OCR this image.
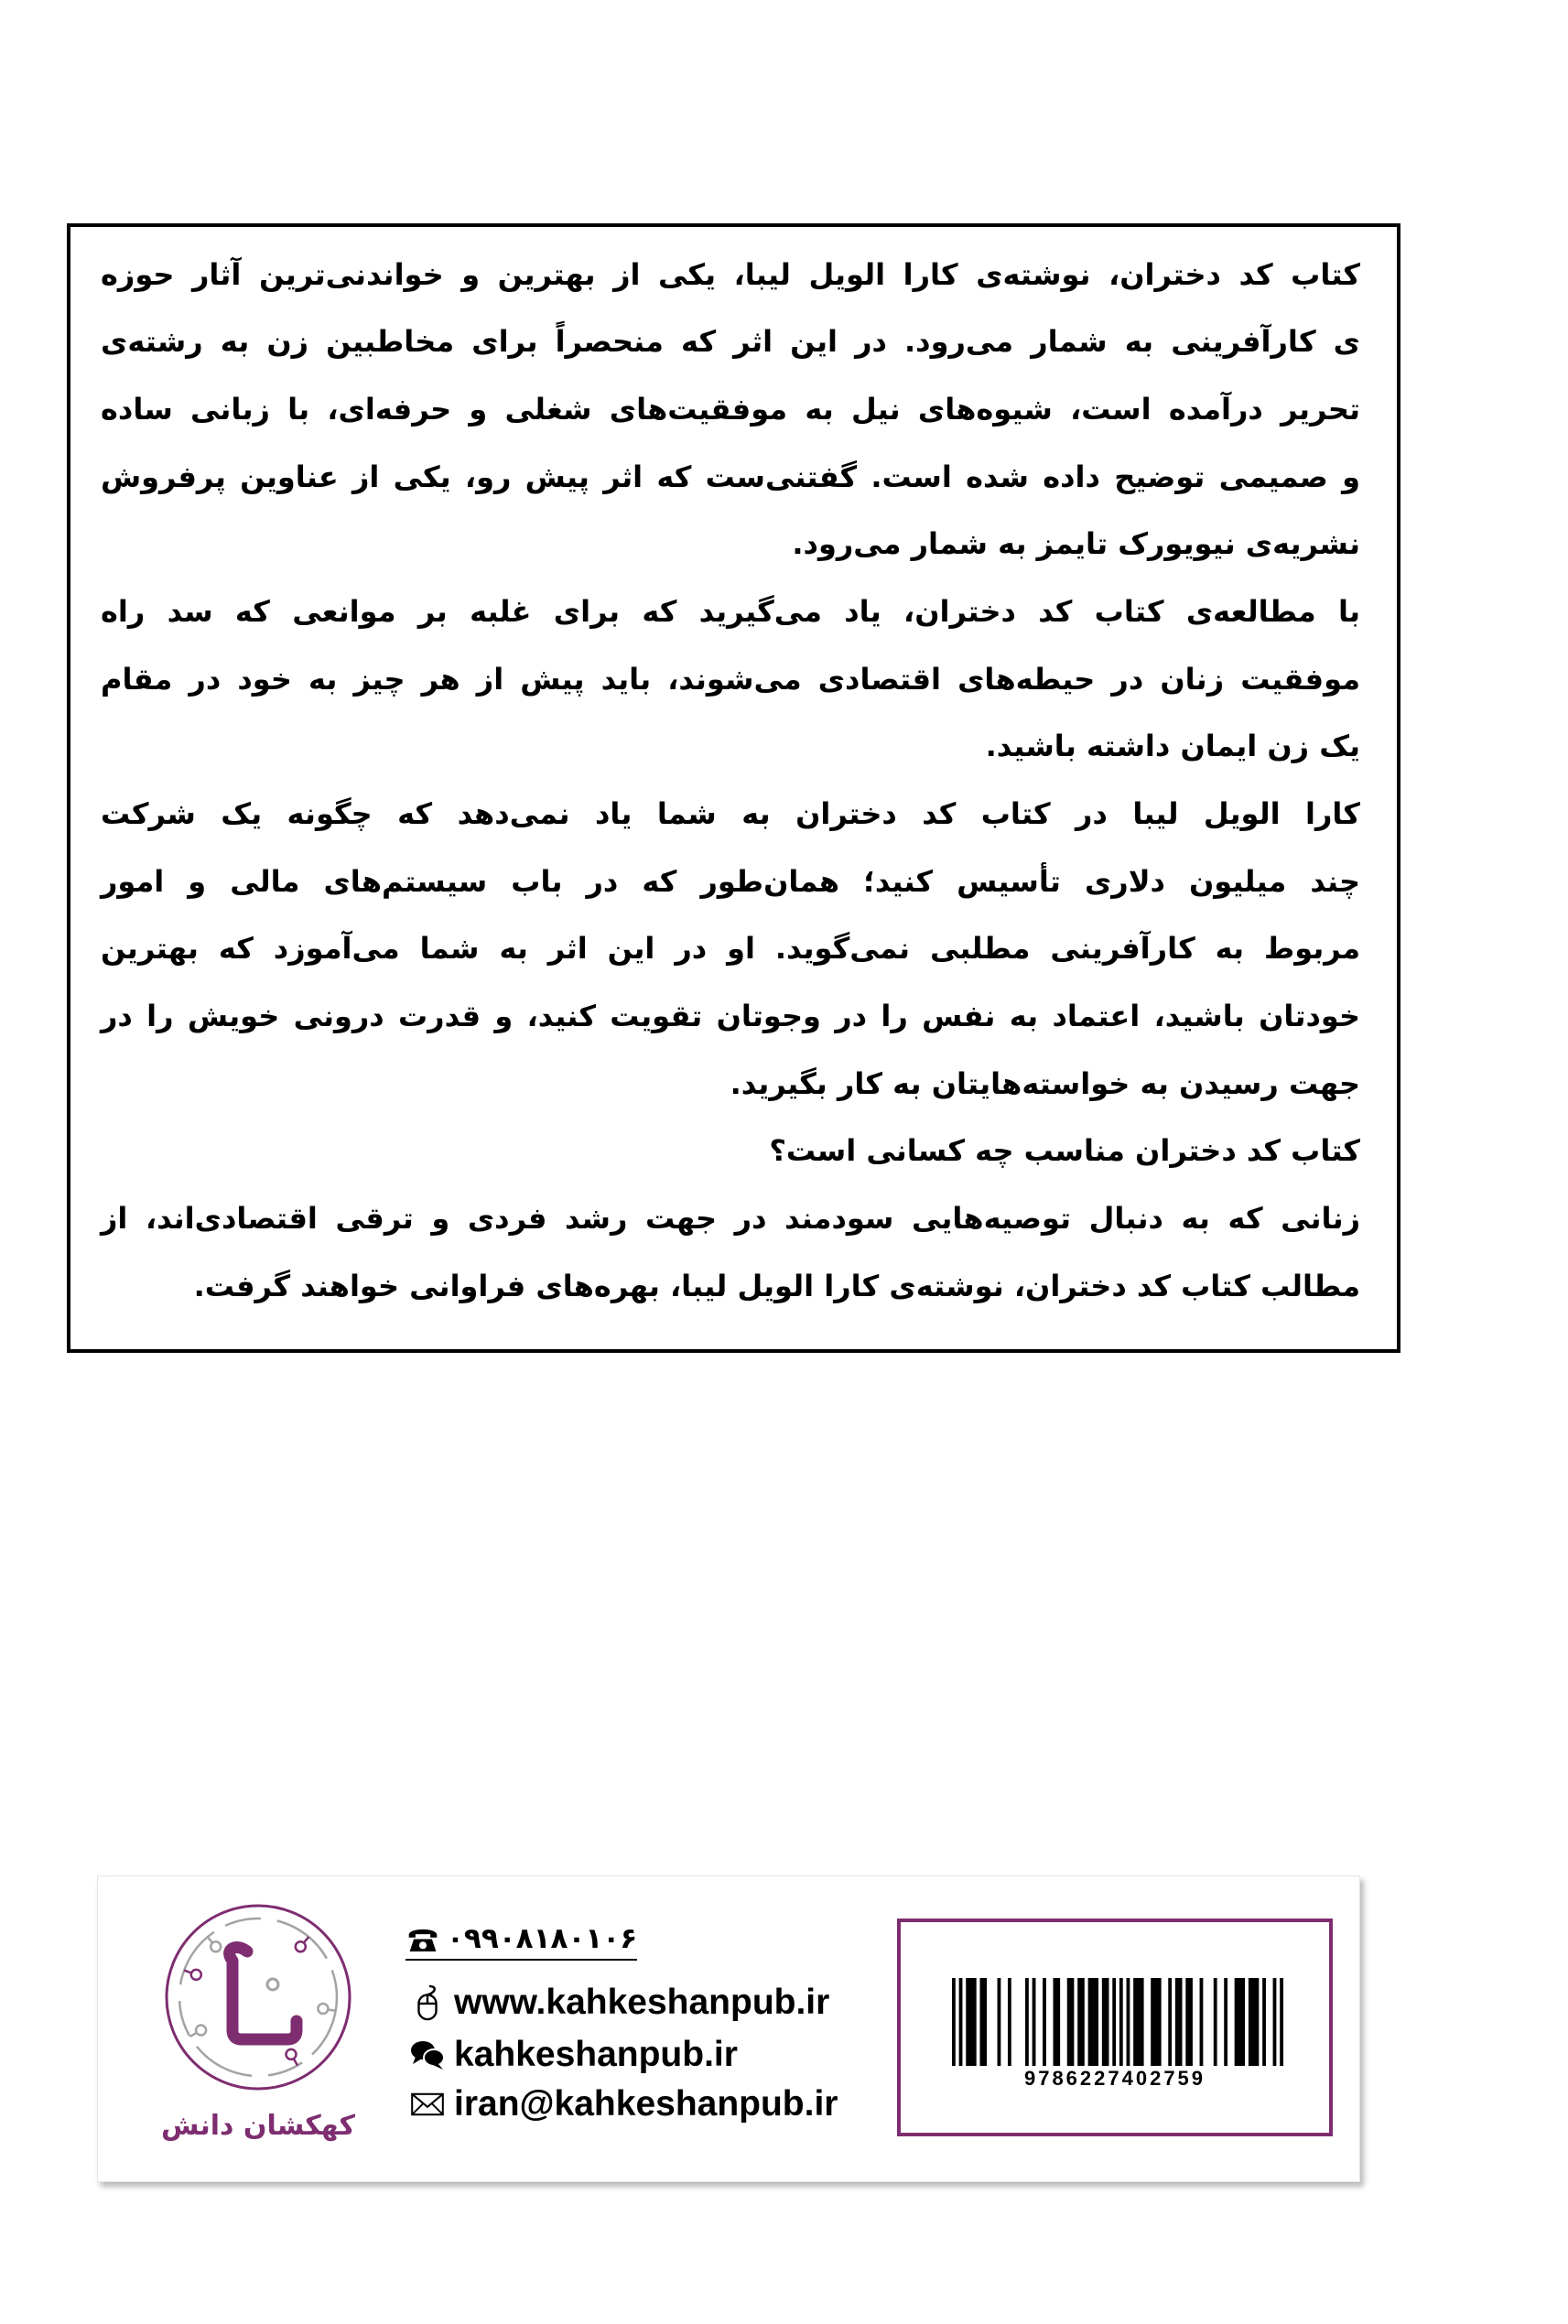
کتاب کد دختران، نوشته‌ی کارا الویل لیبا، یکی از بهترین و خواندنی‌ترین آثار حوزه
ی کارآفرینی به شمار می‌رود. در این اثر که منحصراً برای مخاطبین زن به رشته‌ی
تحریر درآمده است، شیوه‌های نیل به موفقیت‌های شغلی و حرفه‌ای، با زبانی ساده
و صمیمی توضیح داده شده است. گفتنی‌ست که اثر پیش رو، یکی از عناوین پرفروش
نشریه‌ی نیویورک تایمز به شمار می‌رود.
با مطالعه‌ی کتاب کد دختران، یاد می‌گیرید که برای غلبه بر موانعی که سد راه
موفقیت زنان در حیطه‌های اقتصادی می‌شوند، باید پیش از هر چیز به خود در مقام
یک زن ایمان داشته باشید.
کارا الویل لیبا در کتاب کد دختران به شما یاد نمی‌دهد که چگونه یک شرکت
چند میلیون دلاری تأسیس کنید؛ همان‌طور که در باب سیستم‌های مالی و امور
مربوط به کارآفرینی مطلبی نمی‌گوید. او در این اثر به شما می‌آموزد که بهترین
خودتان باشید، اعتماد به نفس را در وجوتان تقویت کنید، و قدرت درونی خویش را در
جهت رسیدن به خواسته‌هایتان به کار بگیرید.
کتاب کد دختران مناسب چه کسانی است؟
زنانی که به دنبال توصیه‌هایی سودمند در جهت رشد فردی و ترقی اقتصادی‌اند، از
مطالب کتاب کد دختران، نوشته‌ی کارا الویل لیبا، بهره‌های فراوانی خواهند گرفت.
کهکشان دانش
۰۹۹۰۸۱۸۰۱۰۶
www.kahkeshanpub.ir
kahkeshanpub.ir
iran@kahkeshanpub.ir
9786227402759
